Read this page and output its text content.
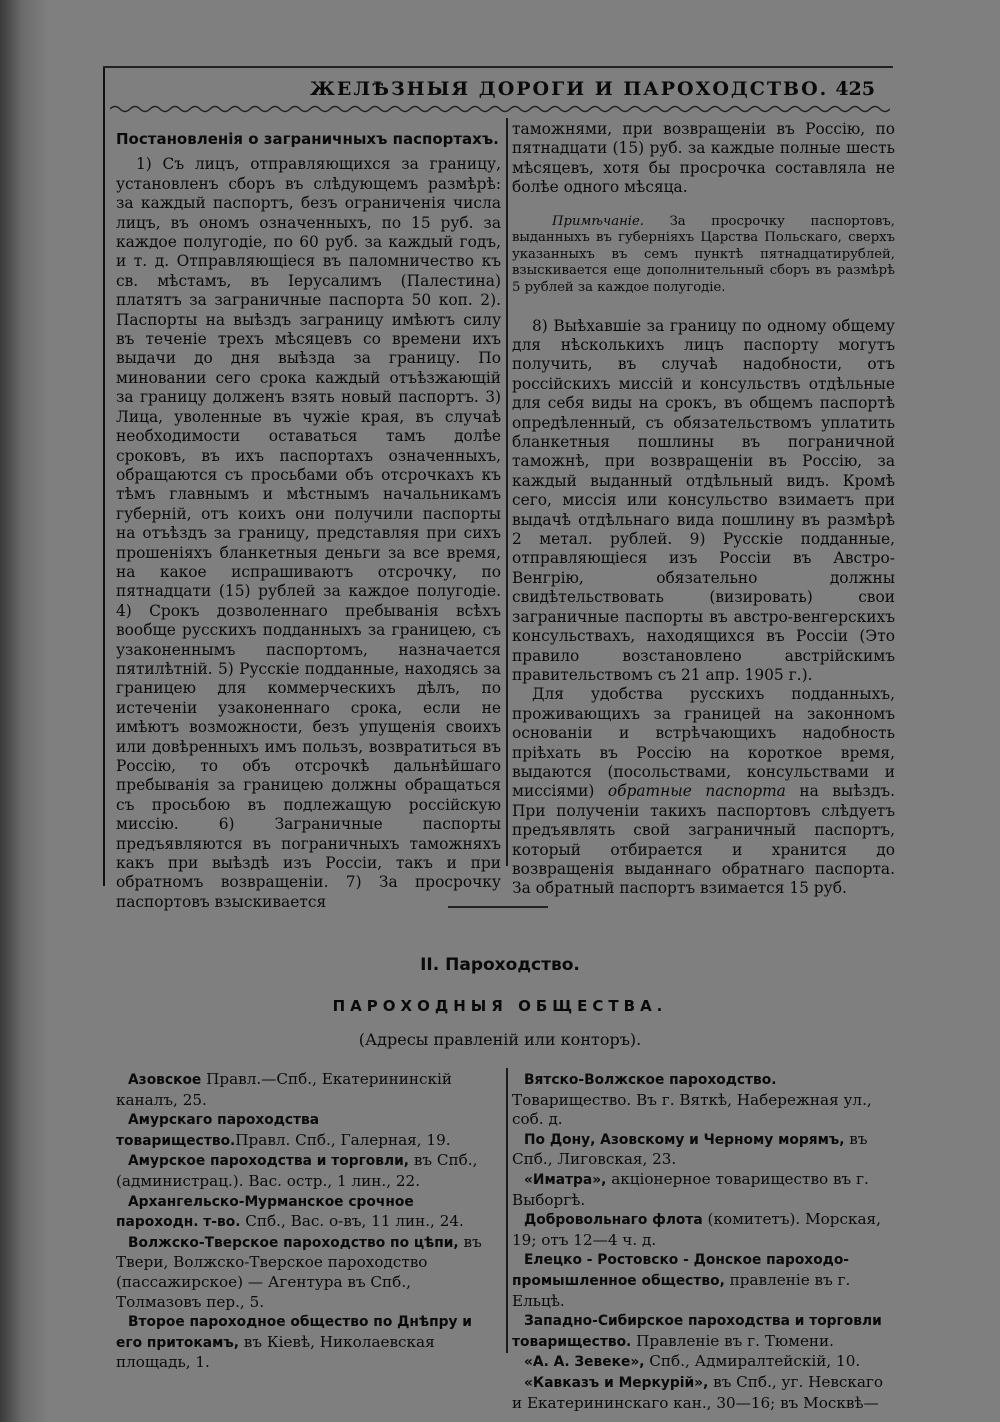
ЖЕЛѢЗНЫЯ ДОРОГИ И ПАРОХОДСТВО. 425

Постановленія о заграничныхъ паспортахъ.

1) Съ лицъ, отправляющихся за границу, установленъ сборъ въ слѣдующемъ размѣрѣ: за каждый паспортъ, безъ ограниченія числа лицъ, въ ономъ означенныхъ, по 15 руб. за каждое полугодіе, по 60 руб. за каждый годъ, и т. д. Отправляющіеся въ паломничество къ св. мѣстамъ, въ Іерусалимъ (Палестина) платятъ за заграничные паспорта 50 коп. 2). Паспорты на выѣздъ заграницу имѣютъ силу въ теченіе трехъ мѣсяцевъ со времени ихъ выдачи до дня выѣзда за границу. По миновании сего срока каждый отъѣзжающій за границу долженъ взять новый паспортъ. 3) Лица, уволенные въ чужіе края, въ случаѣ необходимости оставаться тамъ долѣе сроковъ, въ ихъ паспортахъ означенныхъ, обращаются съ просьбами объ отсрочкахъ къ тѣмъ главнымъ и мѣстнымъ начальникамъ губерній, отъ коихъ они получили паспорты на отъѣздъ за границу, представляя при сихъ прошеніяхъ бланкетныя деньги за все время, на какое испрашиваютъ отсрочку, по пятнадцати (15) рублей за каждое полугодіе. 4) Срокъ дозволеннаго пребыванія всѣхъ вообще русскихъ подданныхъ за границею, съ узаконеннымъ паспортомъ, назначается пятилѣтній. 5) Русскіе подданные, находясь за границею для коммерческихъ дѣлъ, по истеченіи узаконеннаго срока, если не имѣютъ возможности, безъ упущенія своихъ или довѣренныхъ имъ пользъ, возвратиться въ Россію, то объ отсрочкѣ дальнѣйшаго пребыванія за границею должны обращаться съ просьбою въ подлежащую россійскую миссію. 6) Заграничные паспорты предъявляются въ пограничныхъ таможняхъ какъ при выѣздѣ изъ Россіи, такъ и при обратномъ возвращеніи. 7) За просрочку паспортовъ взыскивается

таможнями, при возвращеніи въ Россію, по пятнадцати (15) руб. за каждые полные шесть мѣсяцевъ, хотя бы просрочка составляла не болѣе одного мѣсяца.

Примѣчаніе. За просрочку паспортовъ, выданныхъ въ губерніяхъ Царства Польскаго, сверхъ указанныхъ въ семъ пунктѣ пятнадцатирублей, взыскивается еще дополнительный сборъ въ размѣрѣ 5 рублей за каждое полугодіе.

8) Выѣхавшіе за границу по одному общему для нѣсколькихъ лицъ паспорту могутъ получить, въ случаѣ надобности, отъ россійскихъ миссій и консульствъ отдѣльные для себя виды на срокъ, въ общемъ паспортѣ опредѣленный, съ обязательствомъ уплатить бланкетныя пошлины въ пограничной таможнѣ, при возвращеніи въ Россію, за каждый выданный отдѣльный видъ. Кромѣ сего, миссія или консульство взимаетъ при выдачѣ отдѣльнаго вида пошлину въ размѣрѣ 2 метал. рублей. 9) Русскіе подданные, отправляющіеся изъ Россіи въ Австро-Венгрію, обязательно должны свидѣтельствовать (визировать) свои заграничные паспорты въ австро-венгерскихъ консульствахъ, находящихся въ Россіи (Это правило возстановлено австрійскимъ правительствомъ съ 21 апр. 1905 г.).

Для удобства русскихъ подданныхъ, проживающихъ за границей на законномъ основаніи и встрѣчающихъ надобность пріѣхать въ Россію на короткое время, выдаются (посольствами, консульствами и миссіями) обратные паспорта на выѣздъ. При полученіи такихъ паспортовъ слѣдуетъ предъявлять свой заграничный паспортъ, который отбирается и хранится до возвращенія выданнаго обратнаго паспорта. За обратный паспортъ взимается 15 руб.

II. Пароходство.
ПАРОХОДНЫЯ ОБЩЕСТВА.
(Адресы правленій или конторъ).

Азовское Правл.—Спб., Екатерининскій каналъ, 25.

Амурскаго пароходства товарищество.Правл. Спб., Галерная, 19.

Амурское пароходства и торговли, въ Спб., (администрац.). Вас. остр., 1 лин., 22.

Архангельско-Мурманское срочное пароходн. т-во. Спб., Вас. о-въ, 11 лин., 24.

Волжско-Тверское пароходство по цѣпи, въ Твери, Волжско-Тверское пароходство (пассажирское) — Агентура въ Спб., Толмазовъ пер., 5.

Второе пароходное общество по Днѣпру и его притокамъ, въ Кіевѣ, Николаевская площадь, 1.

Вятско-Волжское пароходство. Товарищество. Въ г. Вяткѣ, Набережная ул., соб. д.

По Дону, Азовскому и Черному морямъ, въ Спб., Лиговская, 23.

«Иматра», акціонерное товарищество въ г. Выборгѣ.

Добровольнаго флота (комитетъ). Морская, 19; отъ 12—4 ч. д.

Елецко - Ростовско - Донское пароходо-промышленное общество, правленіе въ г. Ельцѣ.

Западно-Сибирское пароходства и торговли товарищество. Правленіе въ г. Тюмени.

«А. А. Зевеке», Спб., Адмиралтейскій, 10.

«Кавказъ и Меркурій», въ Спб., уг. Невскаго и Екатерининскаго кан., 30—16; въ Москвѣ—
